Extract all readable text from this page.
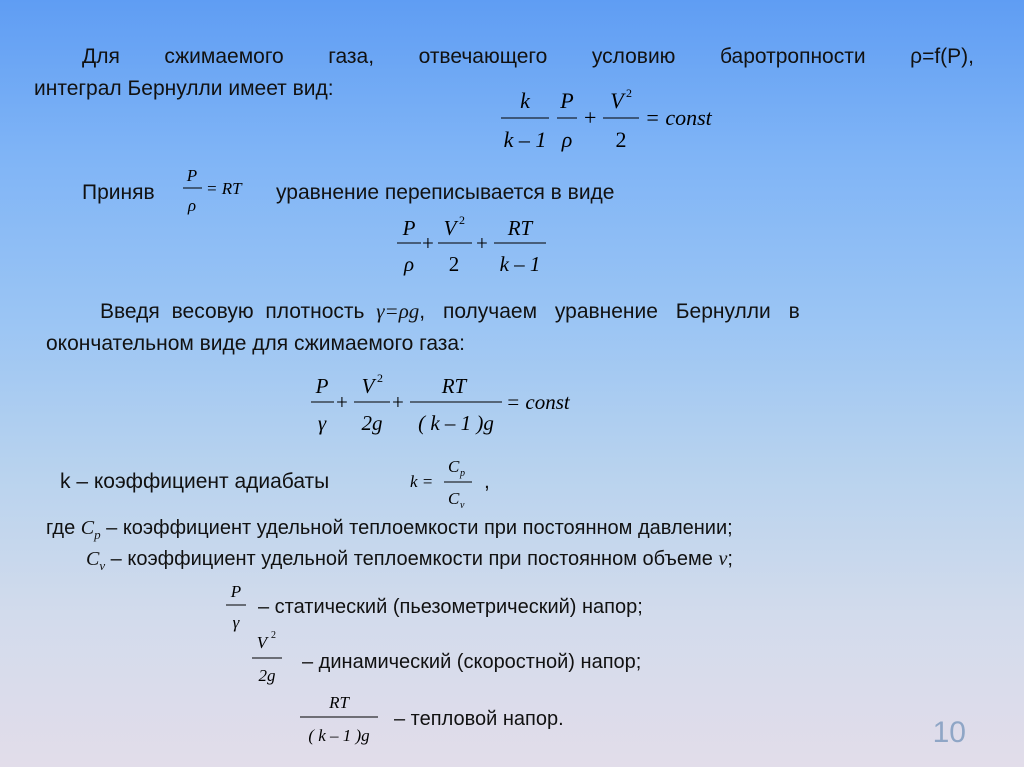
Для сжимаемого газа, отвечающего условию баротропности ρ=f(P),
интеграл Бернулли имеет вид:	k
k – 1
P
ρ
+
V 2
2
= const
Приняв
P
ρ
= RT уравнение переписывается в виде
P
ρ
+
V 2
2
+
RT
k – 1
Введя весовую плотность γ=ρg, получаем уравнение Бернулли в
окончательном виде для сжимаемого газа:
P
γ
+
V 2
2g
+
RT
( k – 1 )g
= const
k – коэффициент адиабаты	k =
C p
C v
,
где $C_p$ – коэффициент удельной теплоемкости при постоянном давлении;
$C_v$ – коэффициент удельной теплоемкости при постоянном объеме v;
P
γ
– статический (пьезометрический) напор;
V 2
2g
– динамический (скоростной) напор;
RT
( k – 1 )g
– тепловой напор.	10
